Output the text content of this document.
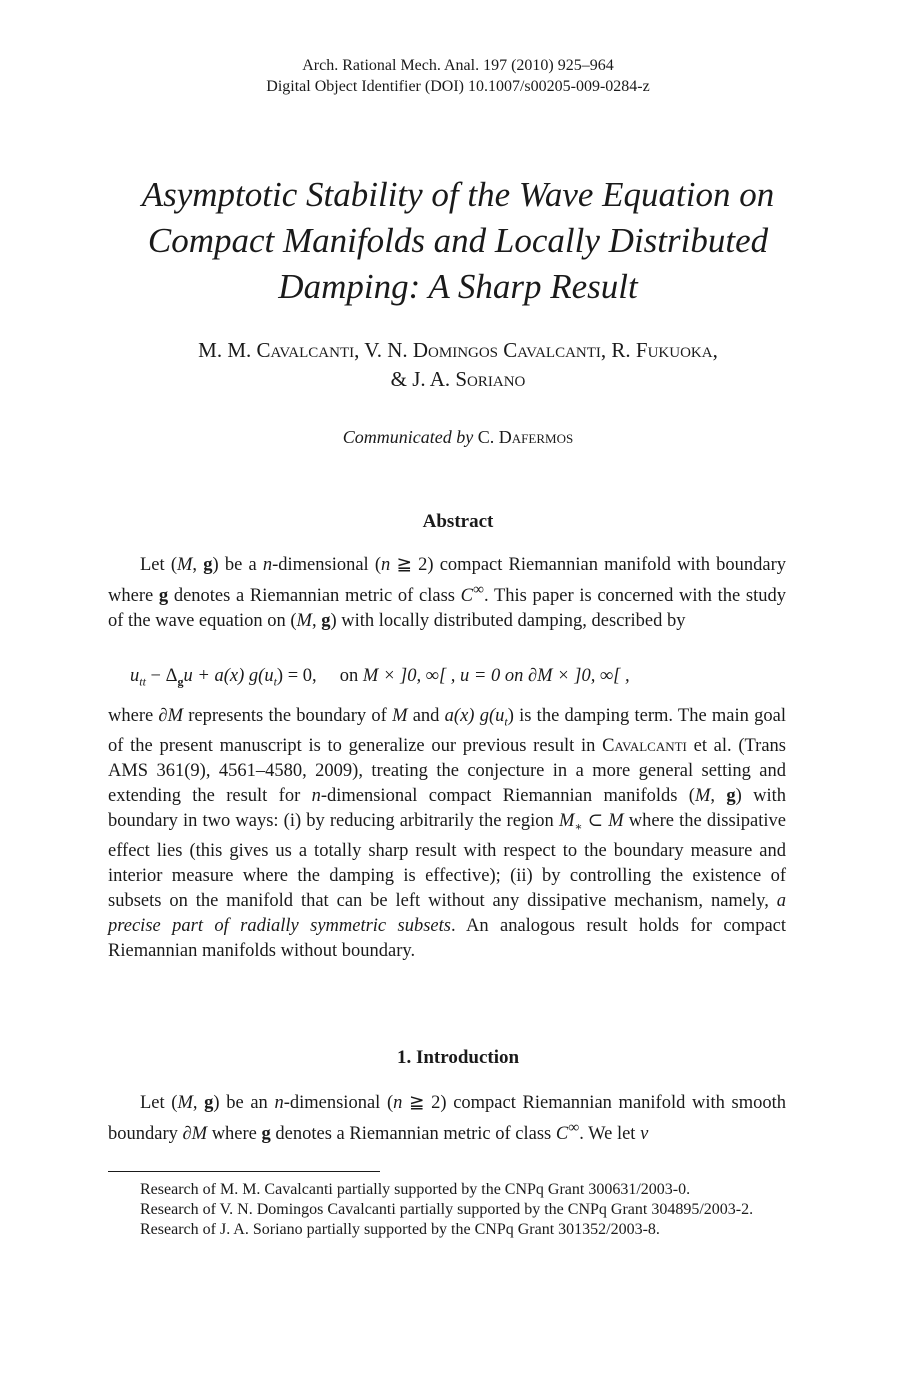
Arch. Rational Mech. Anal. 197 (2010) 925–964
Digital Object Identifier (DOI) 10.1007/s00205-009-0284-z
Asymptotic Stability of the Wave Equation on
Compact Manifolds and Locally Distributed
Damping: A Sharp Result
M. M. Cavalcanti, V. N. Domingos Cavalcanti, R. Fukuoka,
& J. A. Soriano
Communicated by C. Dafermos
Abstract
Let (M, g) be a n-dimensional (n ≧ 2) compact Riemannian manifold with boundary where g denotes a Riemannian metric of class C∞. This paper is concerned with the study of the wave equation on (M, g) with locally distributed damping, described by
$u_{tt} - \Delta_gu + a(x) g(u_t) = 0$, on M × ]0, ∞[ , u = 0 on ∂M × ]0, ∞[ ,
where ∂M represents the boundary of M and a(x) $g(u_t)$ is the damping term. The main goal of the present manuscript is to generalize our previous result in Cavalcanti et al. (Trans AMS 361(9), 4561–4580, 2009), treating the conjecture in a more general setting and extending the result for n-dimensional compact Riemannian manifolds (M, g) with boundary in two ways: (i) by reducing arbitrarily the region $M_∗$ ⊂ M where the dissipative effect lies (this gives us a totally sharp result with respect to the boundary measure and interior measure where the damping is effective); (ii) by controlling the existence of subsets on the manifold that can be left without any dissipative mechanism, namely, a precise part of radially symmetric subsets. An analogous result holds for compact Riemannian manifolds without boundary.
1. Introduction
Let (M, g) be an n-dimensional (n ≧ 2) compact Riemannian manifold with smooth boundary ∂M where g denotes a Riemannian metric of class C∞. We let ν

Research of M. M. Cavalcanti partially supported by the CNPq Grant 300631/2003-0.

Research of V. N. Domingos Cavalcanti partially supported by the CNPq Grant 304895/2003-2.

Research of J. A. Soriano partially supported by the CNPq Grant 301352/2003-8.
